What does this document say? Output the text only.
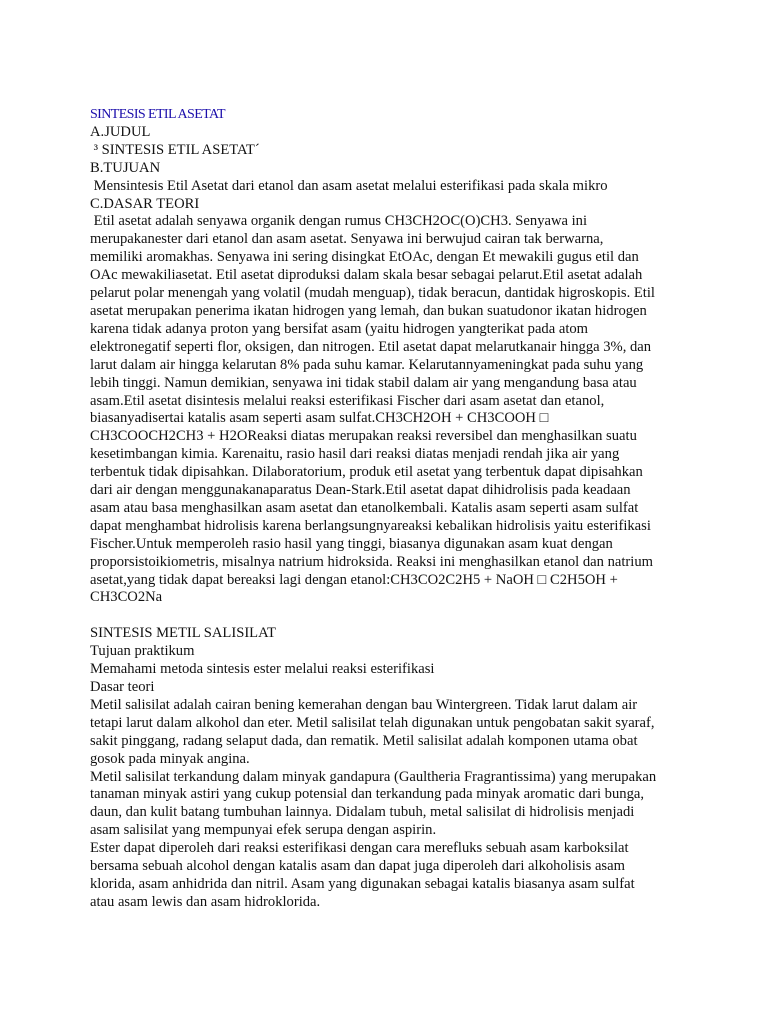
SINTESIS ETIL ASETAT
A.JUDUL
³ SINTESIS ETIL ASETAT´
B.TUJUAN
Mensintesis Etil Asetat dari etanol dan asam asetat melalui esterifikasi pada skala mikro
C.DASAR TEORI
Etil asetat adalah senyawa organik dengan rumus CH3CH2OC(O)CH3. Senyawa ini
merupakanester dari etanol dan asam asetat. Senyawa ini berwujud cairan tak berwarna,
memiliki aromakhas. Senyawa ini sering disingkat EtOAc, dengan Et mewakili gugus etil dan
OAc mewakiliasetat. Etil asetat diproduksi dalam skala besar sebagai pelarut.Etil asetat adalah
pelarut polar menengah yang volatil (mudah menguap), tidak beracun, dantidak higroskopis. Etil
asetat merupakan penerima ikatan hidrogen yang lemah, dan bukan suatudonor ikatan hidrogen
karena tidak adanya proton yang bersifat asam (yaitu hidrogen yangterikat pada atom
elektronegatif seperti flor, oksigen, dan nitrogen. Etil asetat dapat melarutkanair hingga 3%, dan
larut dalam air hingga kelarutan 8% pada suhu kamar. Kelarutannyameningkat pada suhu yang
lebih tinggi. Namun demikian, senyawa ini tidak stabil dalam air yang mengandung basa atau
asam.Etil asetat disintesis melalui reaksi esterifikasi Fischer dari asam asetat dan etanol,
biasanyadisertai katalis asam seperti asam sulfat.CH3CH2OH + CH3COOH □
CH3COOCH2CH3 + H2OReaksi diatas merupakan reaksi reversibel dan menghasilkan suatu
kesetimbangan kimia. Karenaitu, rasio hasil dari reaksi diatas menjadi rendah jika air yang
terbentuk tidak dipisahkan. Dilaboratorium, produk etil asetat yang terbentuk dapat dipisahkan
dari air dengan menggunakanaparatus Dean-Stark.Etil asetat dapat dihidrolisis pada keadaan
asam atau basa menghasilkan asam asetat dan etanolkembali. Katalis asam seperti asam sulfat
dapat menghambat hidrolisis karena berlangsungnyareaksi kebalikan hidrolisis yaitu esterifikasi
Fischer.Untuk memperoleh rasio hasil yang tinggi, biasanya digunakan asam kuat dengan
proporsistoikiometris, misalnya natrium hidroksida. Reaksi ini menghasilkan etanol dan natrium
asetat,yang tidak dapat bereaksi lagi dengan etanol:CH3CO2C2H5 + NaOH □ C2H5OH +
CH3CO2Na
SINTESIS METIL SALISILAT
Tujuan praktikum
Memahami metoda sintesis ester melalui reaksi esterifikasi
Dasar teori
Metil salisilat adalah cairan bening kemerahan dengan bau Wintergreen. Tidak larut dalam air
tetapi larut dalam alkohol dan eter. Metil salisilat telah digunakan untuk pengobatan sakit syaraf,
sakit pinggang, radang selaput dada, dan rematik. Metil salisilat adalah komponen utama obat
gosok pada minyak angina.
Metil salisilat terkandung dalam minyak gandapura (Gaultheria Fragrantissima) yang merupakan
tanaman minyak astiri yang cukup potensial dan terkandung pada minyak aromatic dari bunga,
daun, dan kulit batang tumbuhan lainnya. Didalam tubuh, metal salisilat di hidrolisis menjadi
asam salisilat yang mempunyai efek serupa dengan aspirin.
Ester dapat diperoleh dari reaksi esterifikasi dengan cara merefluks sebuah asam karboksilat
bersama sebuah alcohol dengan katalis asam dan dapat juga diperoleh dari alkoholisis asam
klorida, asam anhidrida dan nitril. Asam yang digunakan sebagai katalis biasanya asam sulfat
atau asam lewis dan asam hidroklorida.
